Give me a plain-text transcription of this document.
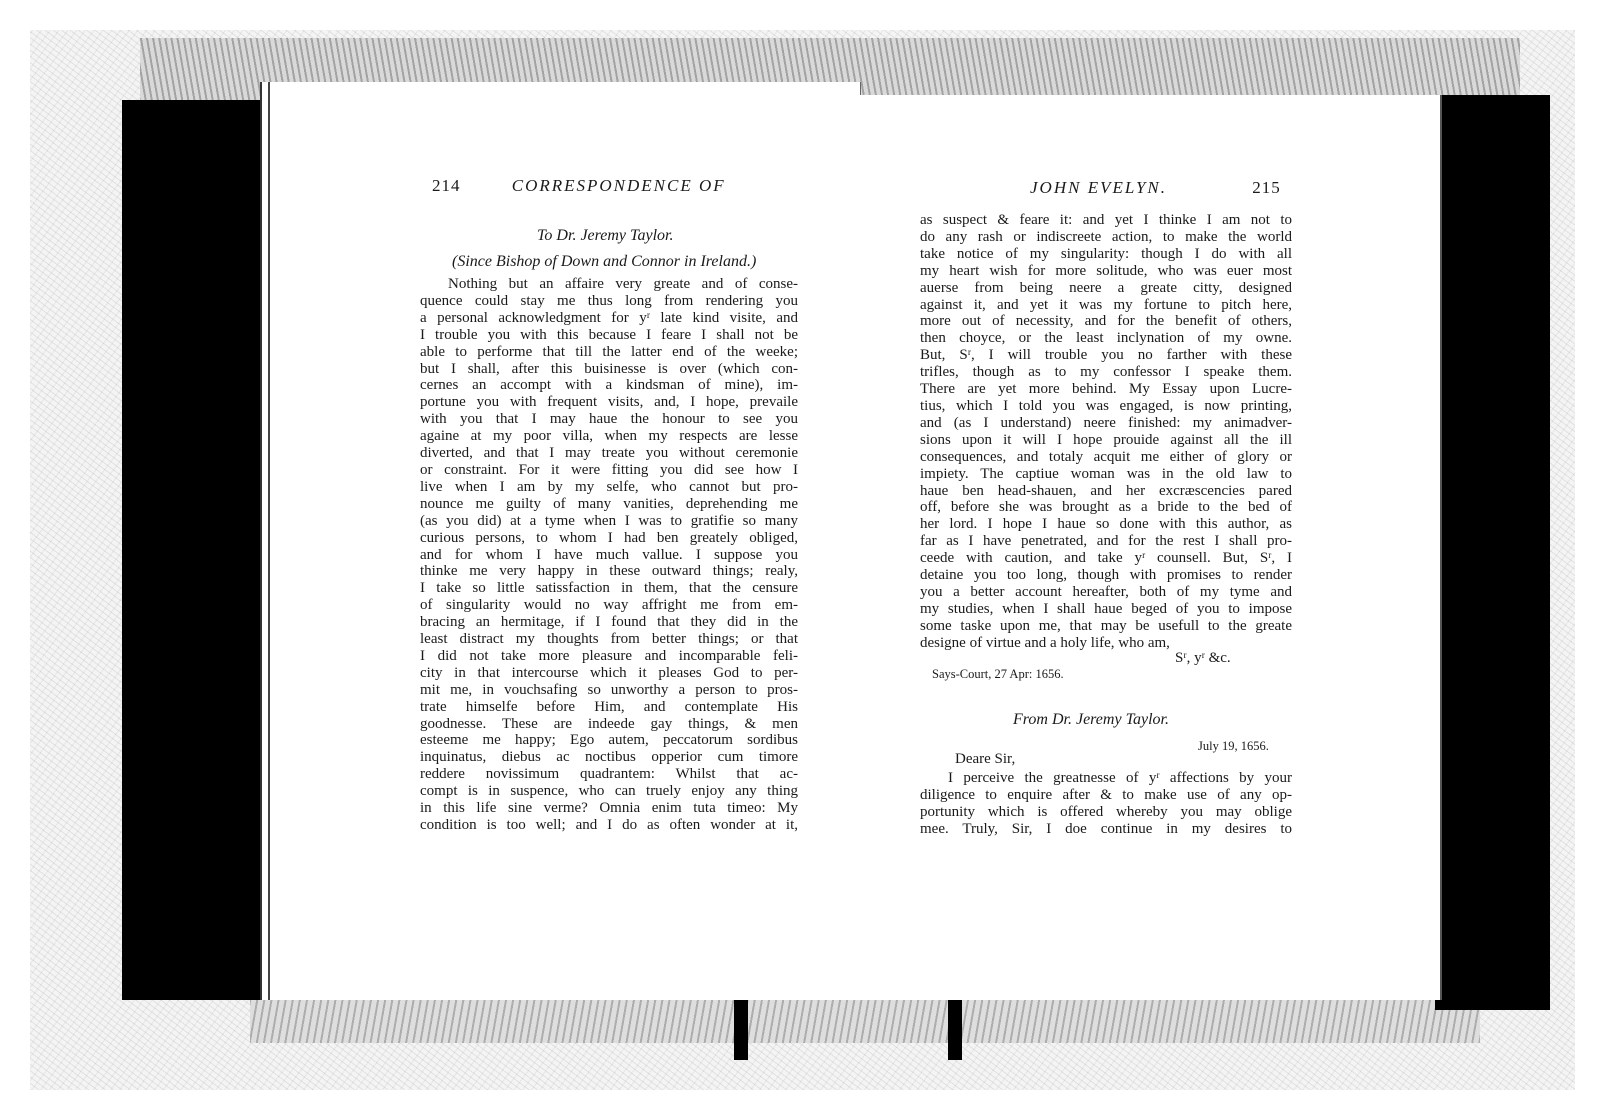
214	CORRESPONDENCE OF
To Dr. Jeremy Taylor.
(Since Bishop of Down and Connor in Ireland.)
Nothing but an affaire very greate and of conse-
quence could stay me thus long from rendering you
a personal acknowledgment for yʳ late kind visite, and
I trouble you with this because I feare I shall not be
able to performe that till the latter end of the weeke;
but I shall, after this buisinesse is over (which con-
cernes an accompt with a kindsman of mine), im-
portune you with frequent visits, and, I hope, prevaile
with you that I may haue the honour to see you
againe at my poor villa, when my respects are lesse
diverted, and that I may treate you without ceremonie
or constraint. For it were fitting you did see how I
live when I am by my selfe, who cannot but pro-
nounce me guilty of many vanities, deprehending me
(as you did) at a tyme when I was to gratifie so many
curious persons, to whom I had ben greately obliged,
and for whom I have much vallue. I suppose you
thinke me very happy in these outward things; realy,
I take so little satissfaction in them, that the censure
of singularity would no way affright me from em-
bracing an hermitage, if I found that they did in the
least distract my thoughts from better things; or that
I did not take more pleasure and incomparable feli-
city in that intercourse which it pleases God to per-
mit me, in vouchsafing so unworthy a person to pros-
trate himselfe before Him, and contemplate His
goodnesse. These are indeede gay things, & men
esteeme me happy; Ego autem, peccatorum sordibus
inquinatus, diebus ac noctibus opperior cum timore
reddere novissimum quadrantem: Whilst that ac-
compt is in suspence, who can truely enjoy any thing
in this life sine verme? Omnia enim tuta timeo: My
condition is too well; and I do as often wonder at it,
JOHN EVELYN.	215
as suspect & feare it: and yet I thinke I am not to
do any rash or indiscreete action, to make the world
take notice of my singularity: though I do with all
my heart wish for more solitude, who was euer most
auerse from being neere a greate citty, designed
against it, and yet it was my fortune to pitch here,
more out of necessity, and for the benefit of others,
then choyce, or the least inclynation of my owne.
But, Sʳ, I will trouble you no farther with these
trifles, though as to my confessor I speake them.
There are yet more behind. My Essay upon Lucre-
tius, which I told you was engaged, is now printing,
and (as I understand) neere finished: my animadver-
sions upon it will I hope prouide against all the ill
consequences, and totaly acquit me either of glory or
impiety. The captiue woman was in the old law to
haue ben head-shauen, and her excræscencies pared
off, before she was brought as a bride to the bed of
her lord. I hope I haue so done with this author, as
far as I have penetrated, and for the rest I shall pro-
ceede with caution, and take yʳ counsell. But, Sʳ, I
detaine you too long, though with promises to render
you a better account hereafter, both of my tyme and
my studies, when I shall haue beged of you to impose
some taske upon me, that may be usefull to the greate
designe of virtue and a holy life, who am,
Sʳ, yʳ &c.
Says-Court, 27 Apr: 1656.
From Dr. Jeremy Taylor.
July 19, 1656.
Deare Sir,
I perceive the greatnesse of yʳ affections by your
diligence to enquire after & to make use of any op-
portunity which is offered whereby you may oblige
mee. Truly, Sir, I doe continue in my desires to
